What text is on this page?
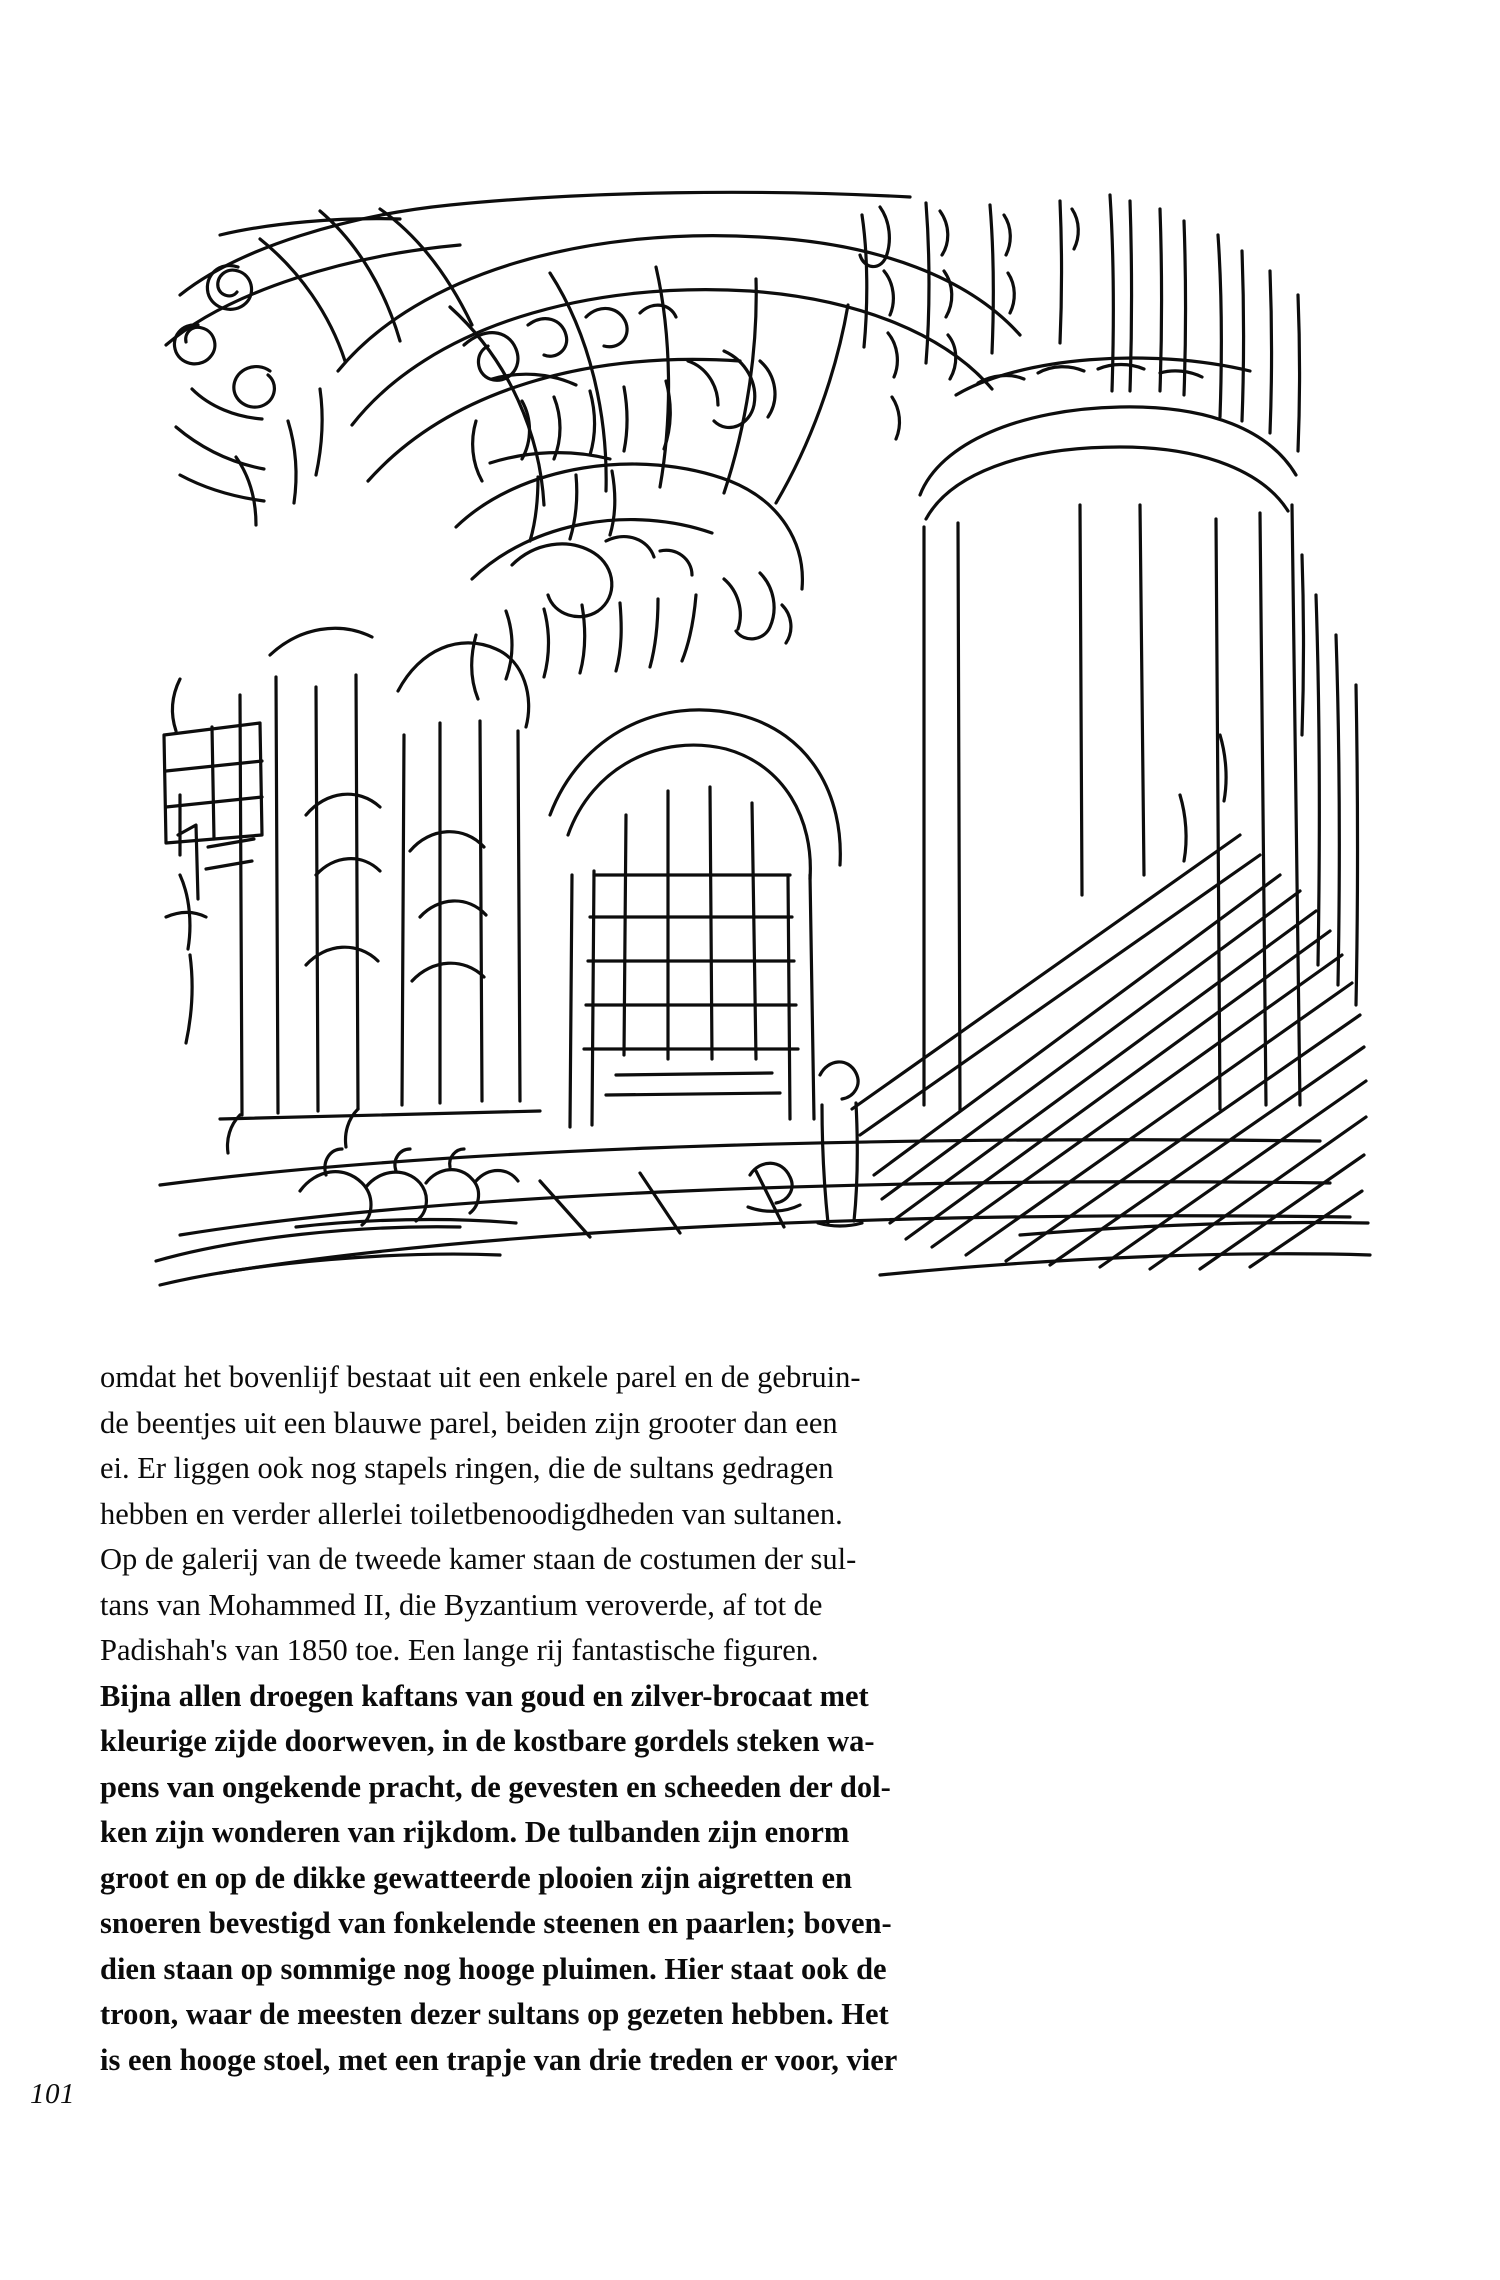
omdat het bovenlijf bestaat uit een enkele parel en de gebruin-
de beentjes uit een blauwe parel, beiden zijn grooter dan een
ei. Er liggen ook nog stapels ringen, die de sultans gedragen
hebben en verder allerlei toiletbenoodigdheden van sultanen.
Op de galerij van de tweede kamer staan de costumen der sul-
tans van Mohammed II, die Byzantium veroverde, af tot de
Padishah's van 1850 toe. Een lange rij fantastische figuren.
Bijna allen droegen kaftans van goud en zilver-brocaat met
kleurige zijde doorweven, in de kostbare gordels steken wa-
pens van ongekende pracht, de gevesten en scheeden der dol-
ken zijn wonderen van rijkdom. De tulbanden zijn enorm
groot en op de dikke gewatteerde plooien zijn aigretten en
snoeren bevestigd van fonkelende steenen en paarlen; boven-
dien staan op sommige nog hooge pluimen. Hier staat ook de
troon, waar de meesten dezer sultans op gezeten hebben. Het
is een hooge stoel, met een trapje van drie treden er voor, vier

101
